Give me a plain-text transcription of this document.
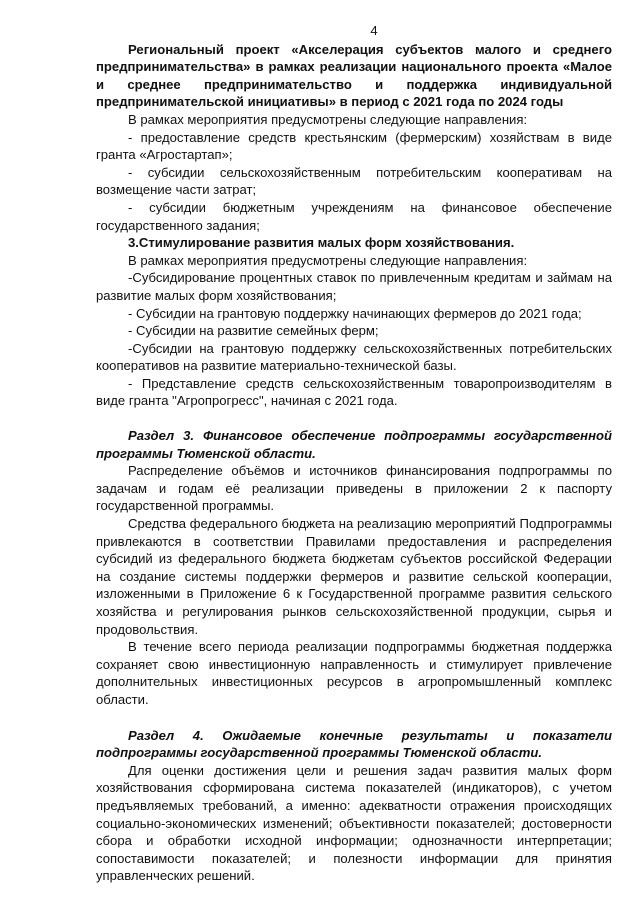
4

Региональный проект «Акселерация субъектов малого и среднего предпринимательства» в рамках реализации национального проекта «Малое и среднее предпринимательство и поддержка индивидуальной предпринимательской инициативы» в период с 2021 года по 2024 годы

В рамках мероприятия предусмотрены следующие направления:

- предоставление средств крестьянским (фермерским) хозяйствам в виде гранта «Агростартап»;

- субсидии сельскохозяйственным потребительским кооперативам на возмещение части затрат;

- субсидии бюджетным учреждениям на финансовое обеспечение государственного задания;

3.Стимулирование развития малых форм хозяйствования.

В рамках мероприятия предусмотрены следующие направления:

-Субсидирование процентных ставок по привлеченным кредитам и займам на развитие малых форм хозяйствования;

- Субсидии на грантовую поддержку начинающих фермеров до 2021 года;

- Субсидии на развитие семейных ферм;

-Субсидии на грантовую поддержку сельскохозяйственных потребительских кооперативов на развитие материально-технической базы.

- Представление средств сельскохозяйственным товаропроизводителям в виде гранта "Агропрогресс", начиная с 2021 года.

Раздел 3. Финансовое обеспечение подпрограммы государственной программы Тюменской области.

Распределение объёмов и источников финансирования подпрограммы по задачам и годам её реализации приведены в приложении 2 к паспорту государственной программы.

Средства федерального бюджета на реализацию мероприятий Подпрограммы привлекаются в соответствии Правилами предоставления и распределения субсидий из федерального бюджета бюджетам субъектов российской Федерации на создание системы поддержки фермеров и развитие сельской кооперации, изложенными в Приложение 6 к Государственной программе развития сельского хозяйства и регулирования рынков сельскохозяйственной продукции, сырья и продовольствия.

В течение всего периода реализации подпрограммы бюджетная поддержка сохраняет свою инвестиционную направленность и стимулирует привлечение дополнительных инвестиционных ресурсов в агропромышленный комплекс области.

Раздел 4. Ожидаемые конечные результаты и показатели подпрограммы государственной программы Тюменской области.

Для оценки достижения цели и решения задач развития малых форм хозяйствования сформирована система показателей (индикаторов), с учетом предъявляемых требований, а именно: адекватности отражения происходящих социально-экономических изменений; объективности показателей; достоверности сбора и обработки исходной информации; однозначности интерпретации; сопоставимости показателей; и полезности информации для принятия управленческих решений.
